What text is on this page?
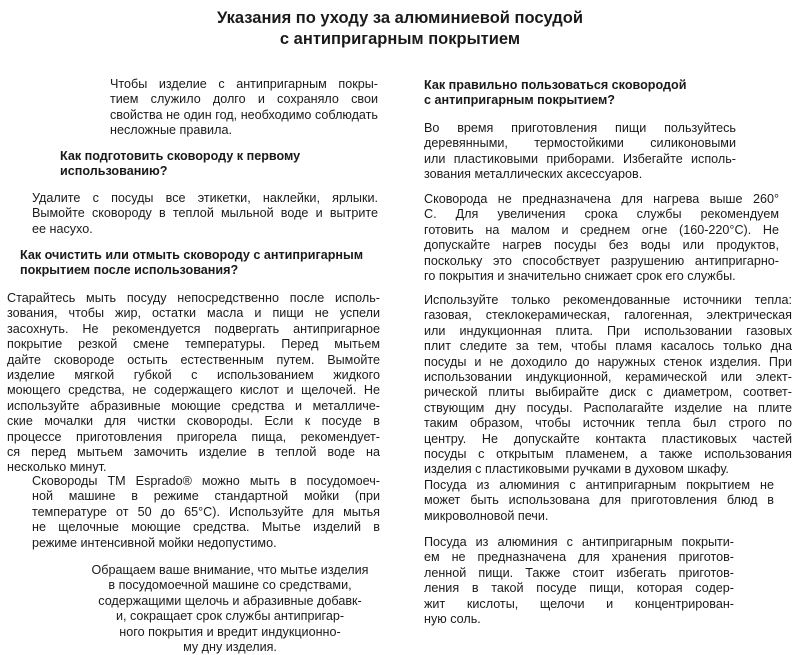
Указания по уходу за алюминиевой посудой
с антипригарным покрытием
Чтобы изделие с антипригарным покры-
тием служило долго и сохраняло свои
свойства не один год, необходимо соблюдать
несложные правила.
Как подготовить сковороду к первому
использованию?
Удалите с посуды все этикетки, наклейки, ярлыки.
Вымойте сковороду в теплой мыльной воде и вытрите
ее насухо.
Как очистить или отмыть сковороду с антипригарным
покрытием после использования?
Старайтесь мыть посуду непосредственно после исполь-
зования, чтобы жир, остатки масла и пищи не успели
засохнуть. Не рекомендуется подвергать антипригарное
покрытие резкой смене температуры. Перед мытьем
дайте сковороде остыть естественным путем. Вымойте
изделие мягкой губкой с использованием жидкого
моющего средства, не содержащего кислот и щелочей. Не
используйте абразивные моющие средства и металличе-
ские мочалки для чистки сковороды. Если к посуде в
процессе приготовления пригорела пища, рекомендует-
ся перед мытьем замочить изделие в теплой воде на
несколько минут.
Сковороды TM Esprado® можно мыть в посудомоеч-
ной машине в режиме стандартной мойки (при
температуре от 50 до 65°C). Используйте для мытья
не щелочные моющие средства. Мытье изделий в
режиме интенсивной мойки недопустимо.
Обращаем ваше внимание, что мытье изделия
в посудомоечной машине со средствами,
содержащими щелочь и абразивные добавк-
и, сокращает срок службы антипригар-
ного покрытия и вредит индукционно-
му дну изделия.
Как правильно пользоваться сковородой
с антипригарным покрытием?
Во время приготовления пищи пользуйтесь
деревянными, термостойкими силиконовыми
или пластиковыми приборами. Избегайте исполь-
зования металлических аксессуаров.
Сковорода не предназначена для нагрева выше 260°
С. Для увеличения срока службы рекомендуем
готовить на малом и среднем огне (160-220°С). Не
допускайте нагрев посуды без воды или продуктов,
поскольку это способствует разрушению антипригарно-
го покрытия и значительно снижает срок его службы.
Используйте только рекомендованные источники тепла:
газовая, стеклокерамическая, галогенная, электрическая
или индукционная плита. При использовании газовых
плит следите за тем, чтобы пламя касалось только дна
посуды и не доходило до наружных стенок изделия. При
использовании индукционной, керамической или элект-
рической плиты выбирайте диск с диаметром, соответ-
ствующим дну посуды. Располагайте изделие на плите
таким образом, чтобы источник тепла был строго по
центру. Не допускайте контакта пластиковых частей
посуды с открытым пламенем, а также использования
изделия с пластиковыми ручками в духовом шкафу.
Посуда из алюминия с антипригарным покрытием не
может быть использована для приготовления блюд в
микроволновой печи.
Посуда из алюминия с антипригарным покрыти-
ем не предназначена для хранения приготов-
ленной пищи. Также стоит избегать приготов-
ления в такой посуде пищи, которая содер-
жит кислоты, щелочи и концентрирован-
ную соль.
